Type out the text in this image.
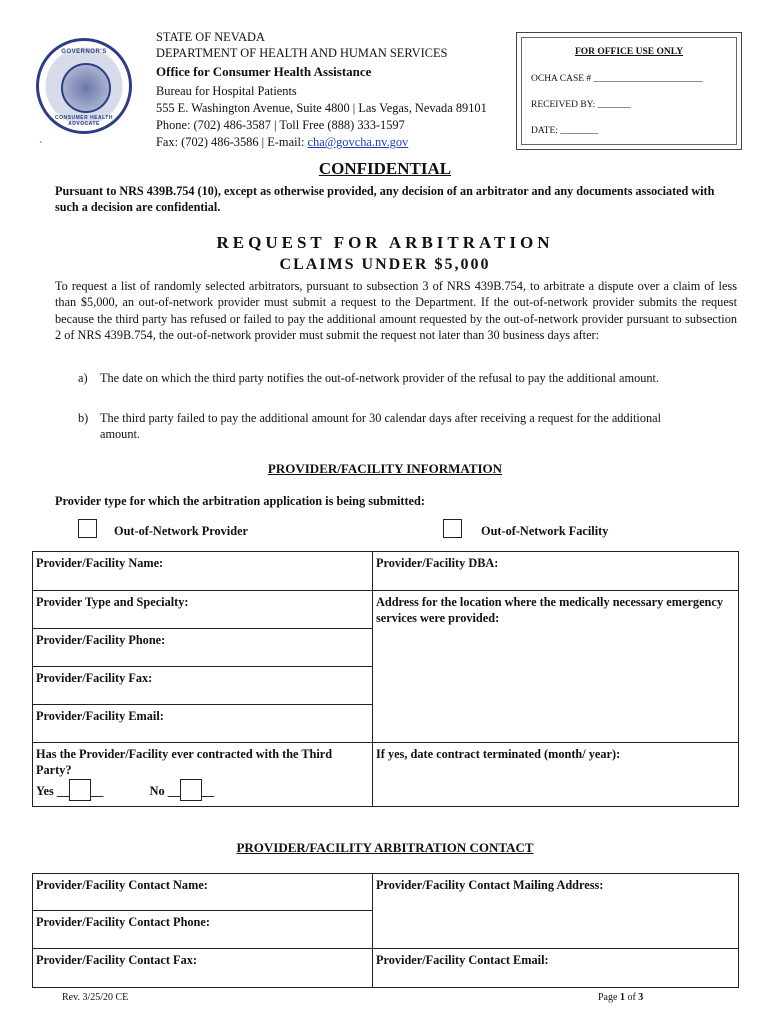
GOVERNOR'S
CONSUMER HEALTH ADVOCATE
`
STATE OF NEVADA
DEPARTMENT OF HEALTH AND HUMAN SERVICES
Office for Consumer Health Assistance
Bureau for Hospital Patients
555 E. Washington Avenue, Suite 4800 | Las Vegas, Nevada 89101
Phone: (702) 486-3587 | Toll Free (888) 333-1597
Fax: (702) 486-3586 | E-mail: cha@govcha.nv.gov
FOR OFFICE USE ONLY
OCHA CASE # _______________________
RECEIVED BY: _______
DATE: ________
CONFIDENTIAL
Pursuant to NRS 439B.754 (10), except as otherwise provided, any decision of an arbitrator and any documents associated with such a decision are confidential.
REQUEST FOR ARBITRATION
CLAIMS UNDER $5,000
To request a list of randomly selected arbitrators, pursuant to subsection 3 of NRS 439B.754, to arbitrate a dispute over a claim of less than $5,000, an out-of-network provider must submit a request to the Department. If the out-of-network provider submits the request because the third party has refused or failed to pay the additional amount requested by the out-of-network provider pursuant to subsection 2 of NRS 439B.754, the out-of-network provider must submit the request not later than 30 business days after:
a) The date on which the third party notifies the out-of-network provider of the refusal to pay the additional amount.
b) The third party failed to pay the additional amount for 30 calendar days after receiving a request for the additional amount.
PROVIDER/FACILITY INFORMATION
Provider type for which the arbitration application is being submitted:
Out-of-Network Provider	Out-of-Network Facility
Provider/Facility Name:	Provider/Facility DBA:
Provider Type and Specialty:	Address for the location where the medically necessary emergency services were provided:
Provider/Facility Phone:	
Provider/Facility Fax:	
Provider/Facility Email:	

Has the Provider/Facility ever contracted with the Third Party?
Yes __ __ No __ __	If yes, date contract terminated (month/ year):
PROVIDER/FACILITY ARBITRATION CONTACT
Provider/Facility Contact Name:	Provider/Facility Contact Mailing Address:
Provider/Facility Contact Phone:	
Provider/Facility Contact Fax:	Provider/Facility Contact Email:
Rev. 3/25/20 CE	Page 1 of 3
